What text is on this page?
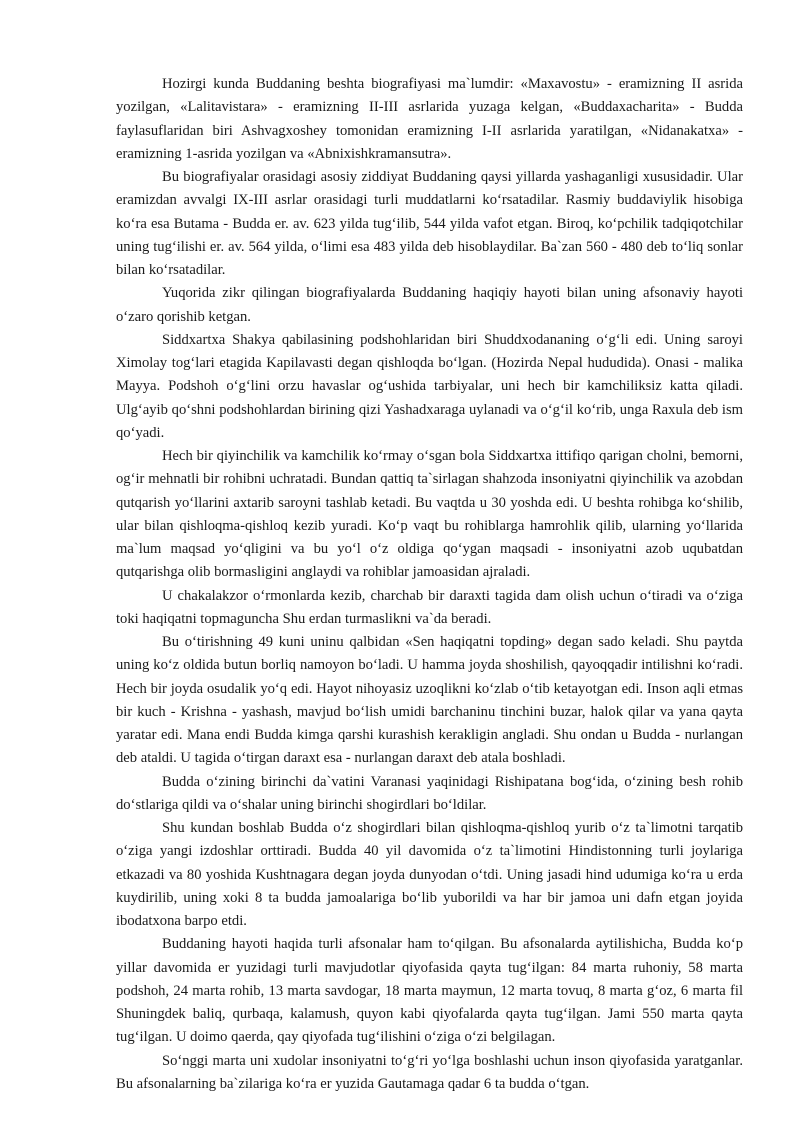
Hozirgi kunda Buddaning beshta biografiyasi ma`lumdir: «Maxavostu» - eramizning II asrida yozilgan, «Lalitavistara» - eramizning II-III asrlarida yuzaga kelgan, «Buddaxacharita» - Budda faylasuflaridan biri Ashvagxoshey tomonidan eramizning I-II asrlarida yaratilgan, «Nidanakatxa» - eramizning 1-asrida yozilgan va «Abnixishkramansutra».

Bu biografiyalar orasidagi asosiy ziddiyat Buddaning qaysi yillarda yashaganligi xususidadir. Ular eramizdan avvalgi IX-III asrlar orasidagi turli muddatlarni ko‘rsatadilar. Rasmiy buddaviylik hisobiga ko‘ra esa Butama - Budda er. av. 623 yilda tug‘ilib, 544 yilda vafot etgan. Biroq, ko‘pchilik tadqiqotchilar uning tug‘ilishi er. av. 564 yilda, o‘limi esa 483 yilda deb hisoblaydilar. Ba`zan 560 - 480 deb to‘liq sonlar bilan ko‘rsatadilar.

Yuqorida zikr qilingan biografiyalarda Buddaning haqiqiy hayoti bilan uning afsonaviy hayoti o‘zaro qorishib ketgan.

Siddxartxa Shakya qabilasining podshohlaridan biri Shuddxodananing o‘g‘li edi. Uning saroyi Ximolay tog‘lari etagida Kapilavasti degan qishloqda bo‘lgan. (Hozirda Nepal hududida). Onasi - malika Mayya. Podshoh o‘g‘lini orzu havaslar og‘ushida tarbiyalar, uni hech bir kamchiliksiz katta qiladi. Ulg‘ayib qo‘shni podshohlardan birining qizi Yashadxaraga uylanadi va o‘g‘il ko‘rib, unga Raxula deb ism qo‘yadi.

Hech bir qiyinchilik va kamchilik ko‘rmay o‘sgan bola Siddxartxa ittifiqo qarigan cholni, bemorni, og‘ir mehnatli bir rohibni uchratadi. Bundan qattiq ta`sirlagan shahzoda insoniyatni qiyinchilik va azobdan qutqarish yo‘llarini axtarib saroyni tashlab ketadi. Bu vaqtda u 30 yoshda edi. U beshta rohibga ko‘shilib, ular bilan qishloqma-qishloq kezib yuradi. Ko‘p vaqt bu rohiblarga hamrohlik qilib, ularning yo‘llarida ma`lum maqsad yo‘qligini va bu yo‘l o‘z oldiga qo‘ygan maqsadi - insoniyatni azob uqubatdan qutqarishga olib bormasligini anglaydi va rohiblar jamoasidan ajraladi.

U chakalakzor o‘rmonlarda kezib, charchab bir daraxti tagida dam olish uchun o‘tiradi va o‘ziga toki haqiqatni topmaguncha Shu erdan turmaslikni va`da beradi.

Bu o‘tirishning 49 kuni uninu qalbidan «Sen haqiqatni topding» degan sado keladi. Shu paytda uning ko‘z oldida butun borliq namoyon bo‘ladi. U hamma joyda shoshilish, qayoqqadir intilishni ko‘radi. Hech bir joyda osudalik yo‘q edi. Hayot nihoyasiz uzoqlikni ko‘zlab o‘tib ketayotgan edi. Inson aqli etmas bir kuch - Krishna - yashash, mavjud bo‘lish umidi barchaninu tinchini buzar, halok qilar va yana qayta yaratar edi. Mana endi Budda kimga qarshi kurashish kerakligin angladi. Shu ondan u Budda - nurlangan deb ataldi. U tagida o‘tirgan daraxt esa - nurlangan daraxt deb atala boshladi.

Budda o‘zining birinchi da`vatini Varanasi yaqinidagi Rishipatana bog‘ida, o‘zining besh rohib do‘stlariga qildi va o‘shalar uning birinchi shogirdlari bo‘ldilar.

Shu kundan boshlab Budda o‘z shogirdlari bilan qishloqma-qishloq yurib o‘z ta`limotni tarqatib o‘ziga yangi izdoshlar orttiradi. Budda 40 yil davomida o‘z ta`limotini Hindistonning turli joylariga etkazadi va 80 yoshida Kushtnagara degan joyda dunyodan o‘tdi. Uning jasadi hind udumiga ko‘ra u erda kuydirilib, uning xoki 8 ta budda jamoalariga bo‘lib yuborildi va har bir jamoa uni dafn etgan joyida ibodatxona barpo etdi.

Buddaning hayoti haqida turli afsonalar ham to‘qilgan. Bu afsonalarda aytilishicha, Budda ko‘p yillar davomida er yuzidagi turli mavjudotlar qiyofasida qayta tug‘ilgan: 84 marta ruhoniy, 58 marta podshoh, 24 marta rohib, 13 marta savdogar, 18 marta maymun, 12 marta tovuq, 8 marta g‘oz, 6 marta fil Shuningdek baliq, qurbaqa, kalamush, quyon kabi qiyofalarda qayta tug‘ilgan. Jami 550 marta qayta tug‘ilgan. U doimo qaerda, qay qiyofada tug‘ilishini o‘ziga o‘zi belgilagan.

So‘nggi marta uni xudolar insoniyatni to‘g‘ri yo‘lga boshlashi uchun inson qiyofasida yaratganlar. Bu afsonalarning ba`zilariga ko‘ra er yuzida Gautamaga qadar 6 ta budda o‘tgan.
